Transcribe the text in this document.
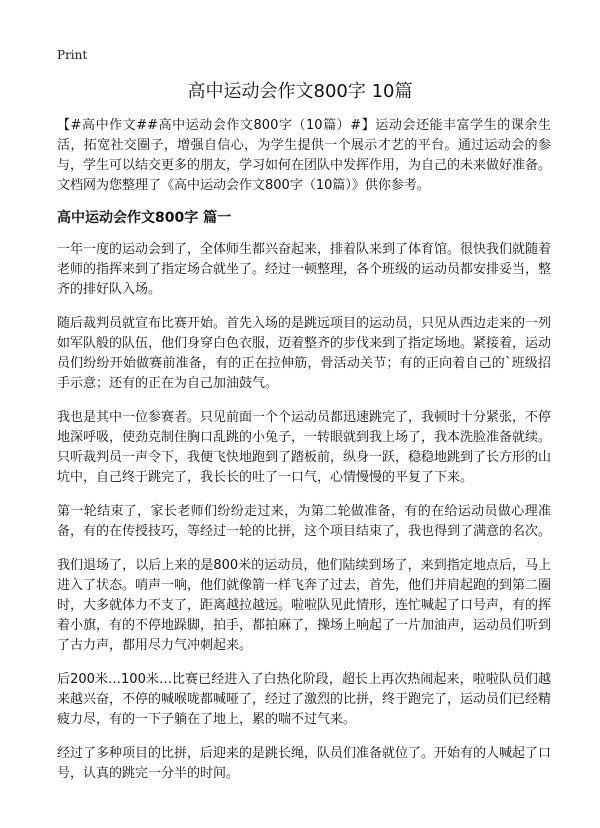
Print
高中运动会作文800字 10篇

【#高中作文##高中运动会作文800字（10篇）#】运动会还能丰富学生的课余生活，拓宽社交圈子，增强自信心，为学生提供一个展示才艺的平台。通过运动会的参与，学生可以结交更多的朋友，学习如何在团队中发挥作用，为自己的未来做好准备。文档网为您整理了《高中运动会作文800字（10篇）》供你参考。

高中运动会作文800字 篇一

一年一度的运动会到了，全体师生都兴奋起来，排着队来到了体育馆。很快我们就随着老师的指挥来到了指定场合就坐了。经过一顿整理，各个班级的运动员都安排妥当，整齐的排好队入场。

随后裁判员就宣布比赛开始。首先入场的是跳远项目的运动员，只见从西边走来的一列如军队般的队伍，他们身穿白色衣服，迈着整齐的步伐来到了指定场地。紧接着，运动员们纷纷开始做赛前准备，有的正在拉伸筋，骨活动关节；有的正向着自己的`班级招手示意；还有的正在为自己加油鼓气。

我也是其中一位参赛者。只见前面一个个运动员都迅速跳完了，我顿时十分紧张，不停地深呼吸，使劲克制住胸口乱跳的小兔子，一转眼就到我上场了，我本洗脸准备就续。只听裁判员一声令下，我便飞快地跑到了踏板前，纵身一跃，稳稳地跳到了长方形的山坑中，自己终于跳完了，我长长的吐了一口气，心情慢慢的平复了下来。

第一轮结束了，家长老师们纷纷走过来，为第二轮做准备，有的在给运动员做心理准备，有的在传授技巧，等经过一轮的比拼，这个项目结束了，我也得到了满意的名次。

我们退场了，以后上来的是800米的运动员，他们陆续到场了，来到指定地点后，马上进入了状态。哨声一响，他们就像箭一样飞奔了过去，首先，他们并肩起跑的到第二圈时，大多就体力不支了，距离越拉越远。啦啦队见此情形，连忙喊起了口号声，有的挥着小旗，有的不停地跺脚，拍手，都拍麻了，操场上响起了一片加油声，运动员们听到了古力声，都用尽力气冲刺起来。

后200米…100米…比赛已经进入了白热化阶段，超长上再次热闹起来，啦啦队员们越来越兴奋，不停的喊喉咙都喊哑了，经过了激烈的比拼，终于跑完了，运动员们已经精疲力尽，有的一下子躺在了地上，累的喘不过气来。

经过了多种项目的比拼，后迎来的是跳长绳，队员们准备就位了。开始有的人喊起了口号，认真的跳完一分半的时间。
